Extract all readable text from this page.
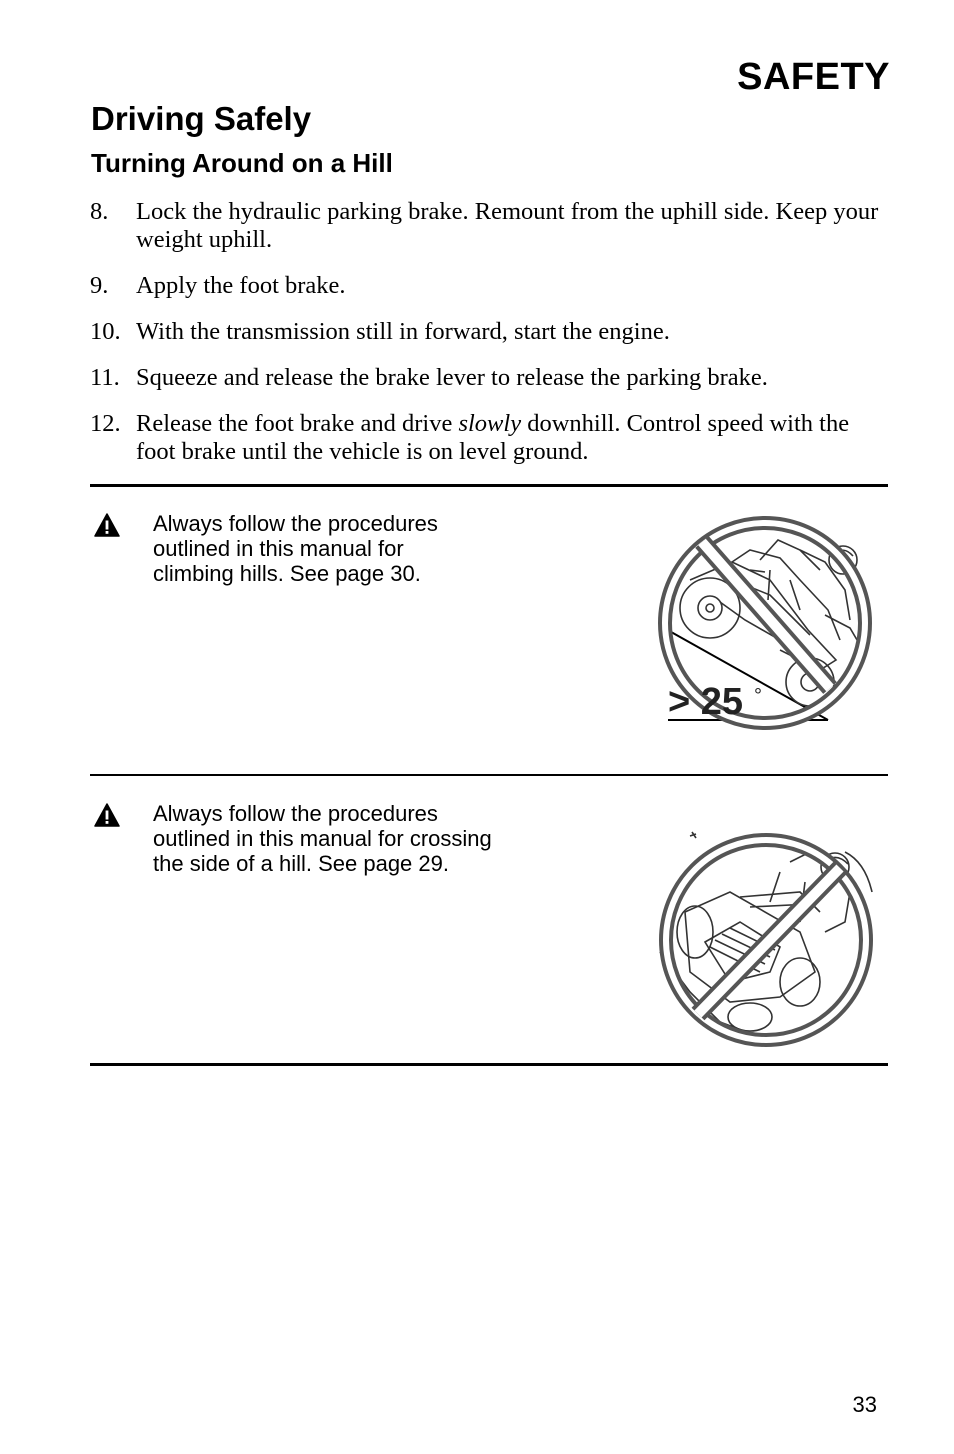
SAFETY
Driving Safely
Turning Around on a Hill
8.	Lock the hydraulic parking brake. Remount from the uphill side. Keep your weight uphill.
9.	Apply the foot brake.
10. With the transmission still in forward, start the engine.
11. Squeeze and release the brake lever to release the parking brake.
12. Release the foot brake and drive slowly downhill. Control speed with the foot brake until the vehicle is on level ground.
Always follow the procedures
outlined in this manual for
climbing hills. See page 30.
> 25 °
Always follow the procedures
outlined in this manual for crossing
the side of a hill. See page 29.
33
